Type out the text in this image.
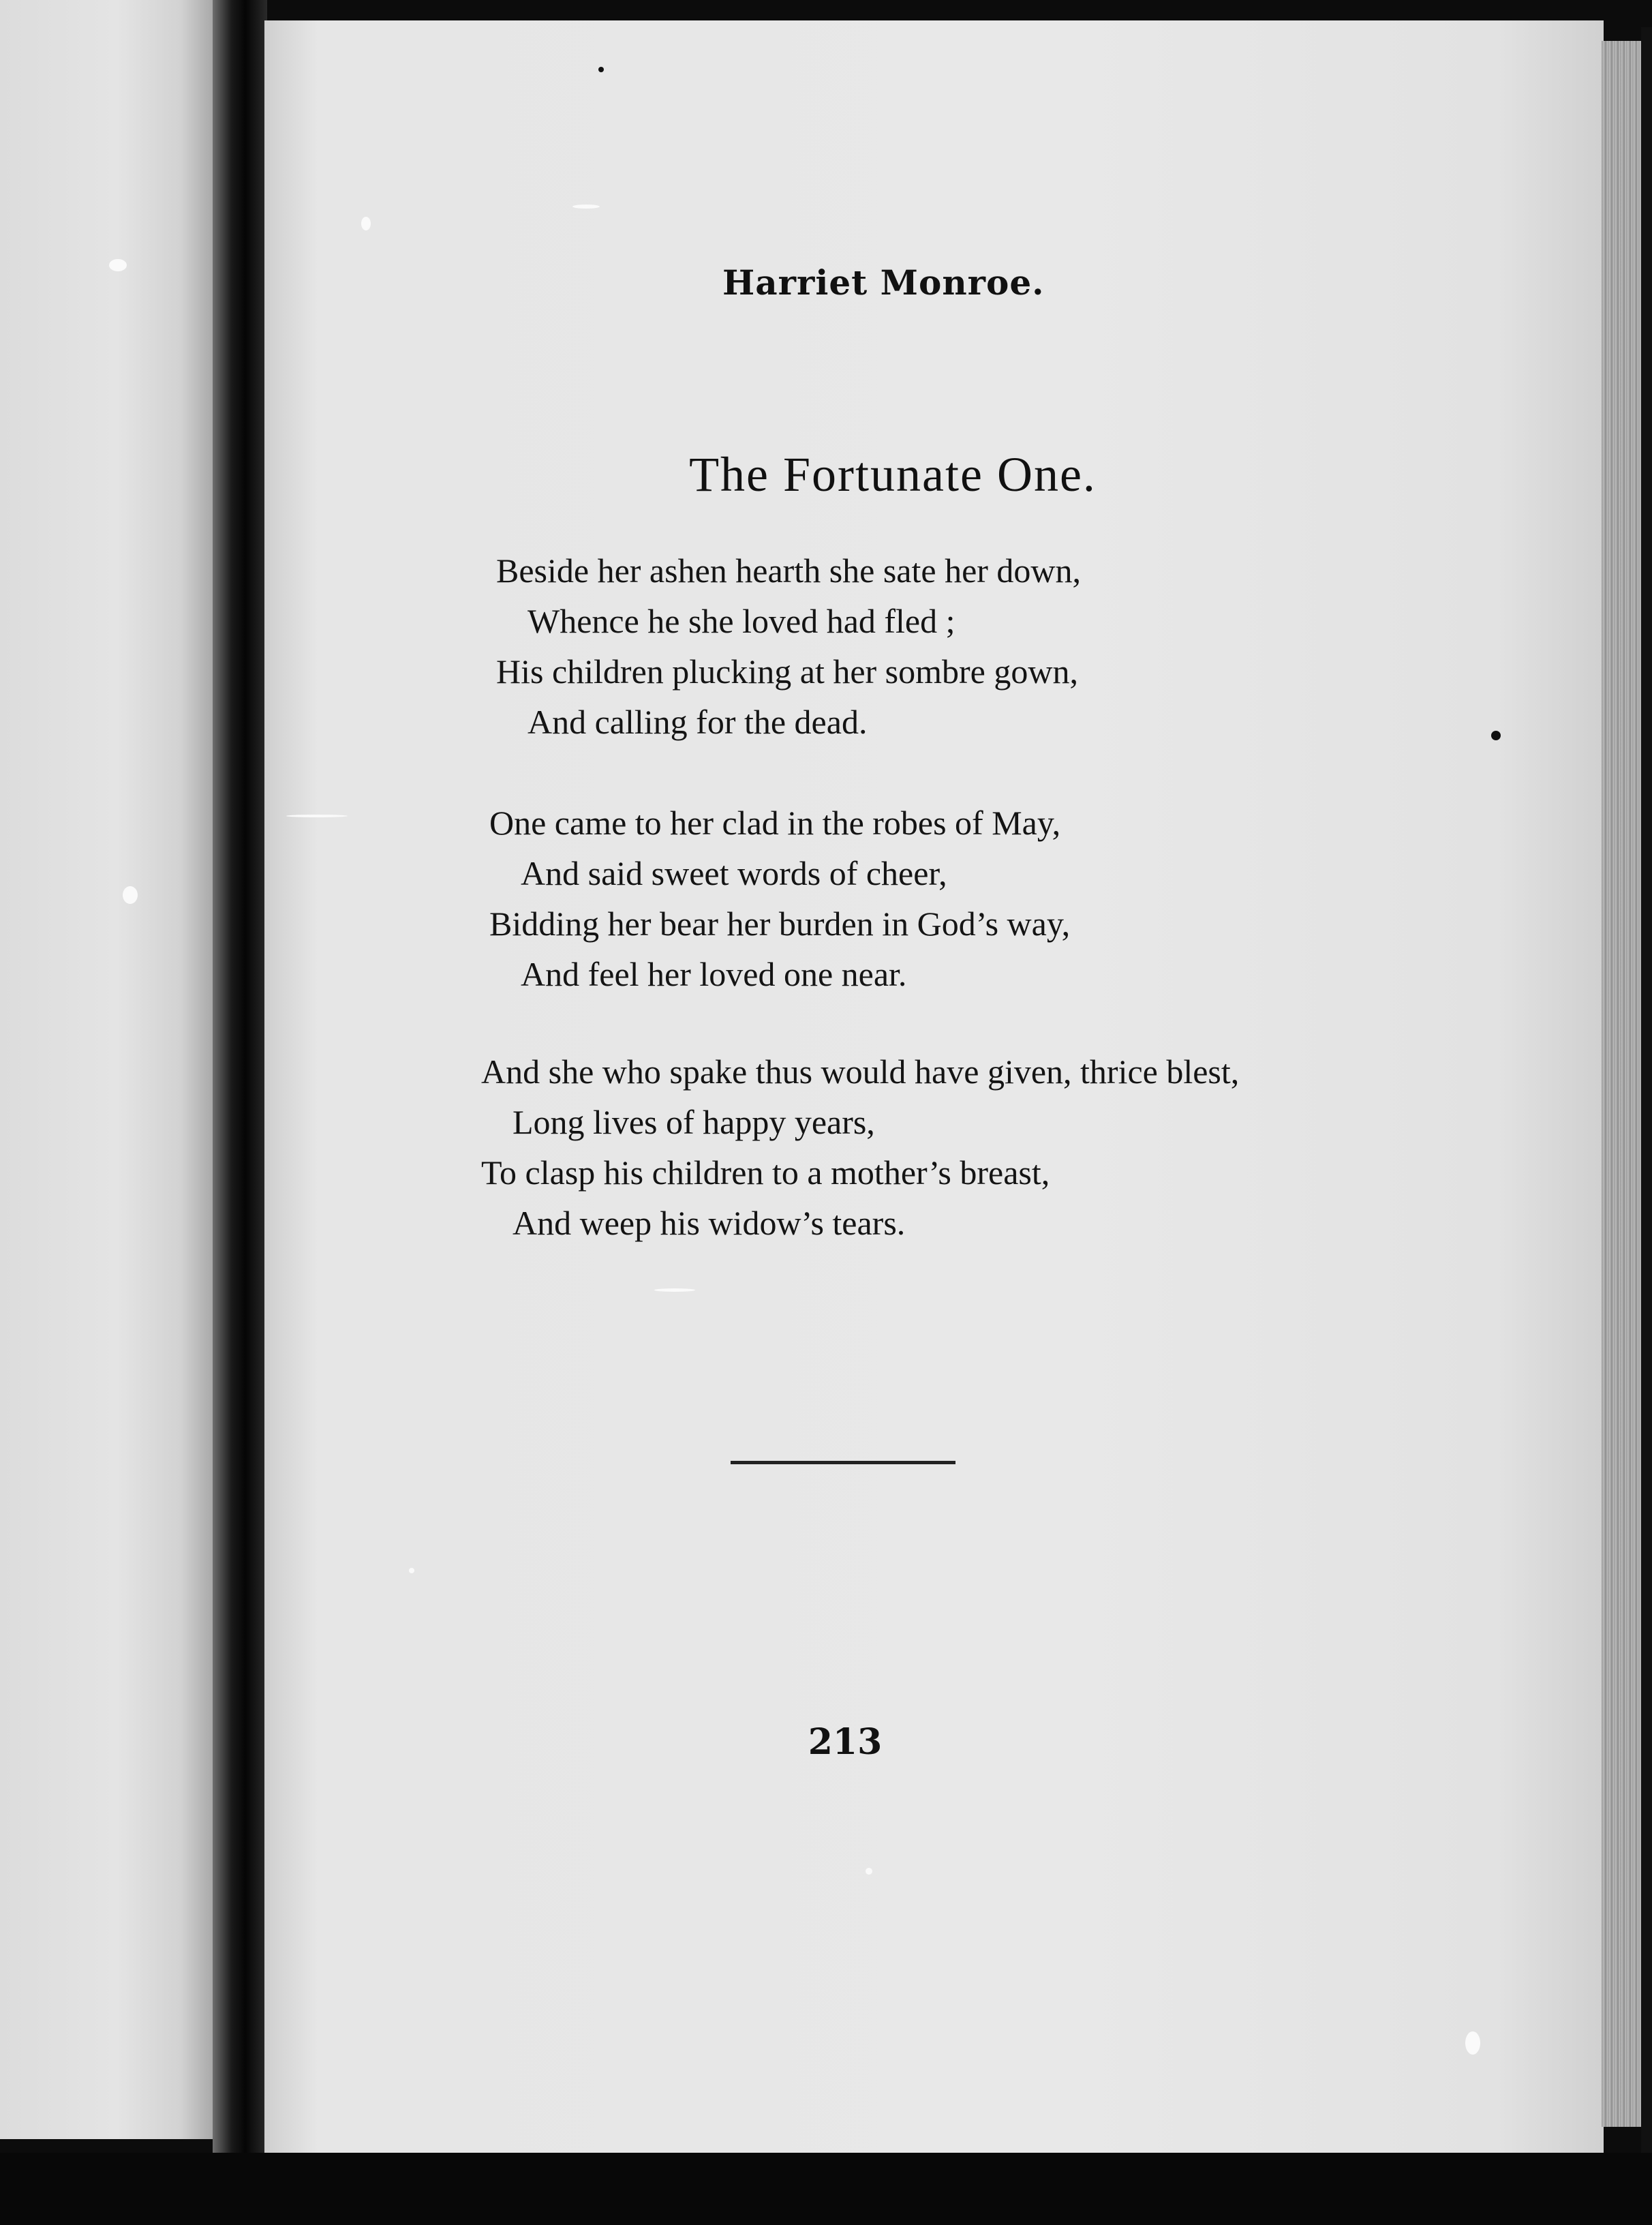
Harriet Monroe.
The Fortunate One.
Beside her ashen hearth she sate her down,
Whence he she loved had fled ;
His children plucking at her sombre gown,
And calling for the dead.
One came to her clad in the robes of May,
And said sweet words of cheer,
Bidding her bear her burden in God’s way,
And feel her loved one near.
And she who spake thus would have given, thrice blest,
Long lives of happy years,
To clasp his children to a mother’s breast,
And weep his widow’s tears.
213
